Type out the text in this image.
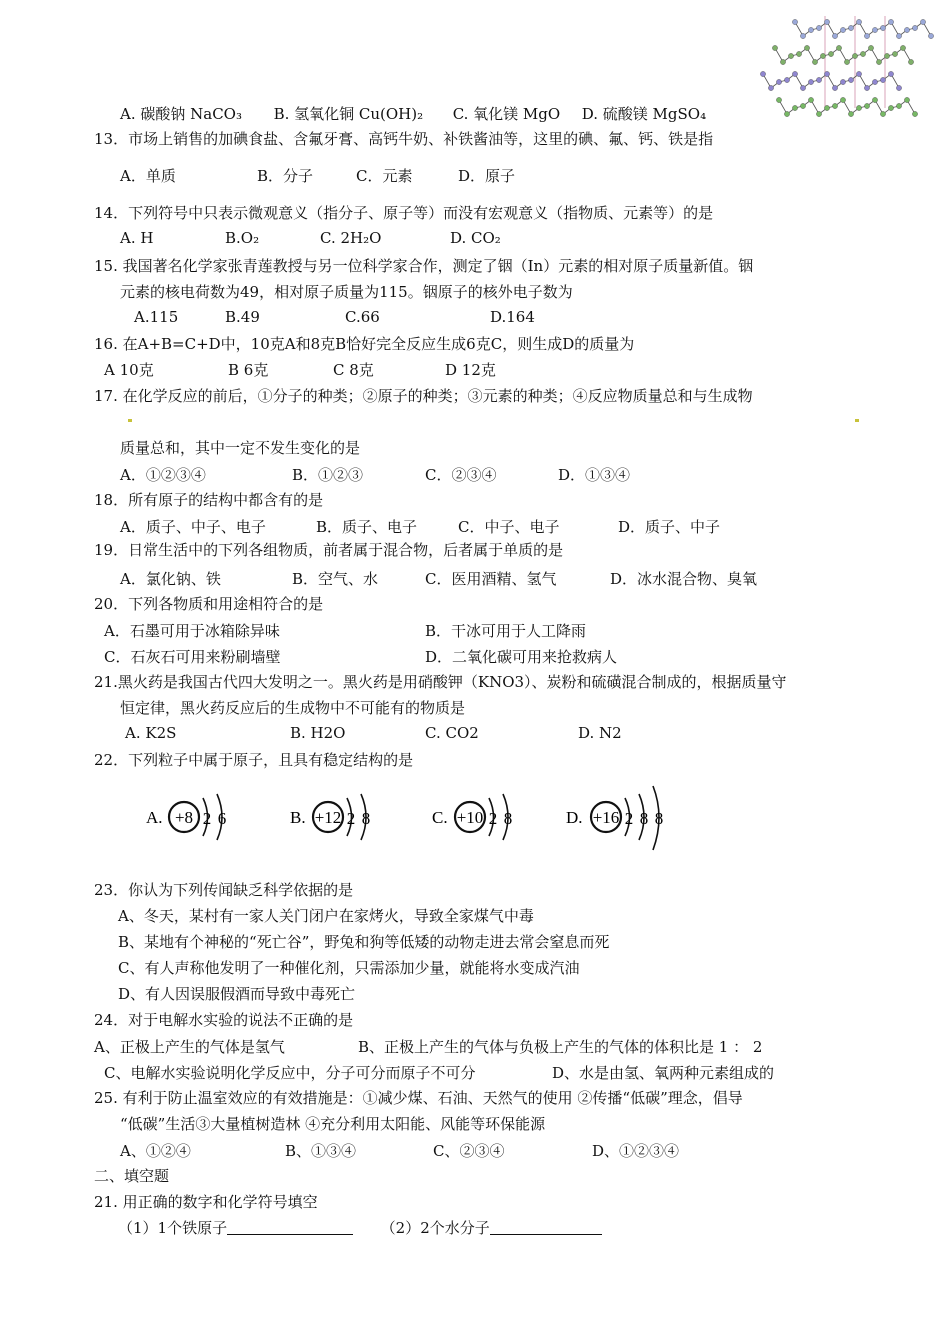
A. 碳酸钠 NaCO₃ B. 氢氧化铜 Cu(OH)₂ C. 氧化镁 MgO D. 硫酸镁 MgSO₄
13．市场上销售的加碘食盐、含氟牙膏、高钙牛奶、补铁酱油等，这里的碘、氟、钙、铁是指
A．单质	B．分子	C．元素	D．原子
14．下列符号中只表示微观意义（指分子、原子等）而没有宏观意义（指物质、元素等）的是
A. H	B.O₂	C. 2H₂O	D. CO₂
15. 我国著名化学家张青莲教授与另一位科学家合作，测定了铟（In）元素的相对原子质量新值。铟
元素的核电荷数为49，相对原子质量为115。铟原子的核外电子数为
A.115	B.49	C.66	D.164
16. 在A+B=C+D中，10克A和8克B恰好完全反应生成6克C，则生成D的质量为
A 10克	B 6克	C 8克	D 12克
17. 在化学反应的前后，①分子的种类；②原子的种类；③元素的种类；④反应物质量总和与生成物
质量总和，其中一定不发生变化的是
A．①②③④	B．①②③	C．②③④	D．①③④
18．所有原子的结构中都含有的是
A．质子、中子、电子	B．质子、电子	C．中子、电子	D．质子、中子
19．日常生活中的下列各组物质，前者属于混合物，后者属于单质的是
A．氯化钠、铁	B．空气、水	C．医用酒精、氢气	D．冰水混合物、臭氧
20．下列各物质和用途相符合的是
A．石墨可用于冰箱除异味	B．干冰可用于人工降雨
C．石灰石可用来粉刷墙壁	D．二氧化碳可用来抢救病人
21.黑火药是我国古代四大发明之一。黑火药是用硝酸钾（KNO3）、炭粉和硫磺混合制成的，根据质量守
恒定律，黑火药反应后的生成物中不可能有的物质是
A. K2S	B. H2O	C. CO2	D. N2
22．下列粒子中属于原子，且具有稳定结构的是
A. +8 2 6	B. +12 2 8	C. +10 2 8	D. +16 2 8 8
23．你认为下列传闻缺乏科学依据的是
A、冬天，某村有一家人关门闭户在家烤火，导致全家煤气中毒
B、某地有个神秘的“死亡谷”，野兔和狗等低矮的动物走进去常会窒息而死
C、有人声称他发明了一种催化剂，只需添加少量，就能将水变成汽油
D、有人因误服假酒而导致中毒死亡
24．对于电解水实验的说法不正确的是
A、正极上产生的气体是氢气	B、正极上产生的气体与负极上产生的气体的体积比是 1 ： 2
C、电解水实验说明化学反应中，分子可分而原子不可分	D、水是由氢、氧两种元素组成的
25. 有利于防止温室效应的有效措施是：①减少煤、石油、天然气的使用 ②传播“低碳”理念，倡导
“低碳”生活③大量植树造林 ④充分利用太阳能、风能等环保能源
A、①②④	B、①③④	C、②③④	D、①②③④
二、填空题
21. 用正确的数字和化学符号填空
（1）1个铁原子	（2）2个水分子
